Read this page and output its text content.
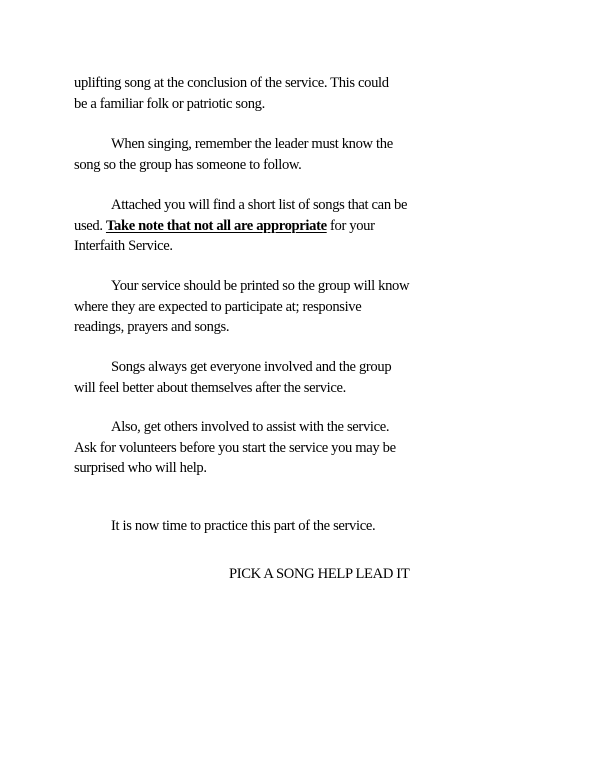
uplifting song at the conclusion of the service. This could
be a familiar folk or patriotic song.

When singing, remember the leader must know the
song so the group has someone to follow.

Attached you will find a short list of songs that can be
used. Take note that not all are appropriate for your
Interfaith Service.

Your service should be printed so the group will know
where they are expected to participate at; responsive
readings, prayers and songs.

Songs always get everyone involved and the group
will feel better about themselves after the service.

Also, get others involved to assist with the service.
Ask for volunteers before you start the service you may be
surprised who will help.

It is now time to practice this part of the service.

PICK A SONG HELP LEAD IT
